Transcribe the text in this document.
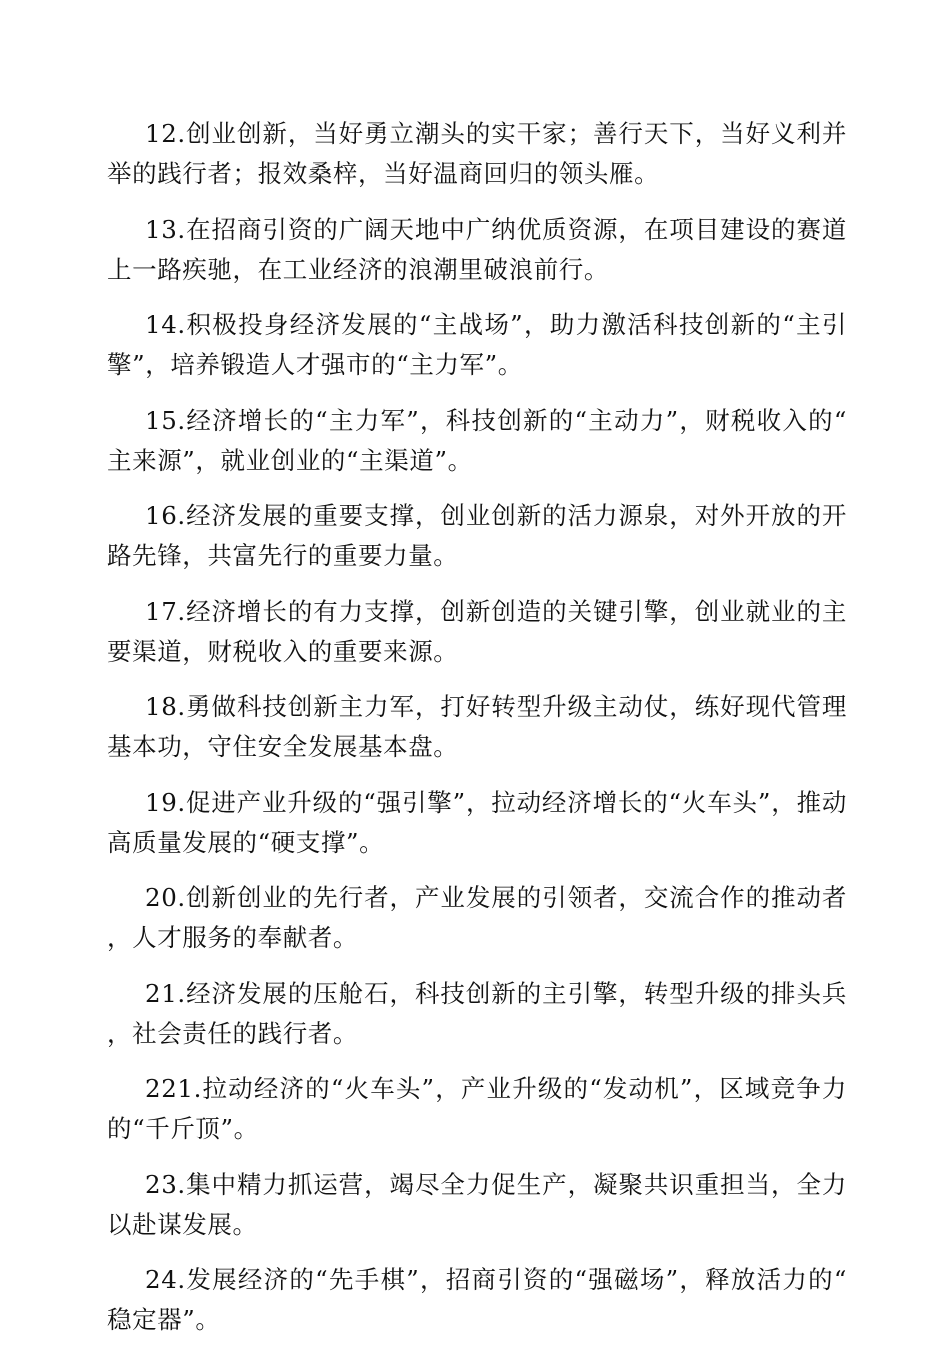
12.创业创新，当好勇立潮头的实干家；善行天下，当好义利并举的践行者；报效桑梓，当好温商回归的领头雁。

13.在招商引资的广阔天地中广纳优质资源，在项目建设的赛道上一路疾驰，在工业经济的浪潮里破浪前行。

14.积极投身经济发展的“主战场”，助力激活科技创新的“主引擎”，培养锻造人才强市的“主力军”。

15.经济增长的“主力军”，科技创新的“主动力”，财税收入的“主来源”，就业创业的“主渠道”。

16.经济发展的重要支撑，创业创新的活力源泉，对外开放的开路先锋，共富先行的重要力量。

17.经济增长的有力支撑，创新创造的关键引擎，创业就业的主要渠道，财税收入的重要来源。

18.勇做科技创新主力军，打好转型升级主动仗，练好现代管理基本功，守住安全发展基本盘。

19.促进产业升级的“强引擎”，拉动经济增长的“火车头”，推动高质量发展的“硬支撑”。

20.创新创业的先行者，产业发展的引领者，交流合作的推动者，人才服务的奉献者。

21.经济发展的压舱石，科技创新的主引擎，转型升级的排头兵，社会责任的践行者。

221.拉动经济的“火车头”，产业升级的“发动机”，区域竞争力的“千斤顶”。

23.集中精力抓运营，竭尽全力促生产，凝聚共识重担当，全力以赴谋发展。

24.发展经济的“先手棋”，招商引资的“强磁场”，释放活力的“稳定器”。
